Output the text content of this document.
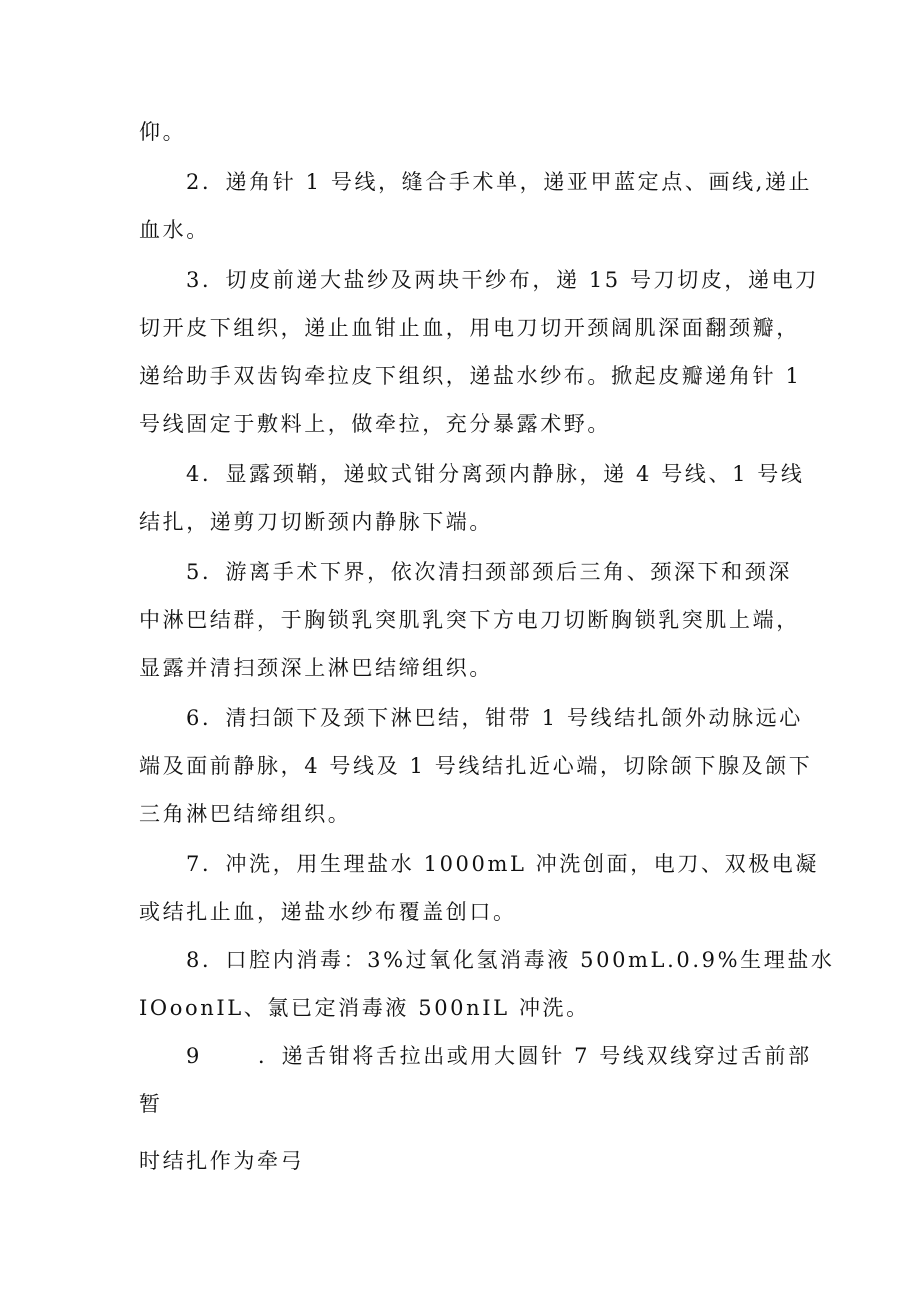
仰。
2．递角针 1 号线，缝合手术单，递亚甲蓝定点、画线,递止
血水。
3．切皮前递大盐纱及两块干纱布，递 15 号刀切皮，递电刀
切开皮下组织，递止血钳止血，用电刀切开颈阔肌深面翻颈瓣，
递给助手双齿钩牵拉皮下组织，递盐水纱布。掀起皮瓣递角针 1
号线固定于敷料上，做牵拉，充分暴露术野。
4．显露颈鞘，递蚊式钳分离颈内静脉，递 4 号线、1 号线
结扎，递剪刀切断颈内静脉下端。
5．游离手术下界，依次清扫颈部颈后三角、颈深下和颈深
中淋巴结群，于胸锁乳突肌乳突下方电刀切断胸锁乳突肌上端，
显露并清扫颈深上淋巴结缔组织。
6．清扫颌下及颈下淋巴结，钳带 1 号线结扎颌外动脉远心
端及面前静脉，4 号线及 1 号线结扎近心端，切除颌下腺及颌下
三角淋巴结缔组织。
7．冲洗，用生理盐水 1000mL 冲洗创面，电刀、双极电凝
或结扎止血，递盐水纱布覆盖创口。
8．口腔内消毒：3%过氧化氢消毒液 500mL.0.9%生理盐水
IOoonIL、氯已定消毒液 500nIL 冲洗。
9	．递舌钳将舌拉出或用大圆针 7 号线双线穿过舌前部
暂
时结扎作为牵弓
